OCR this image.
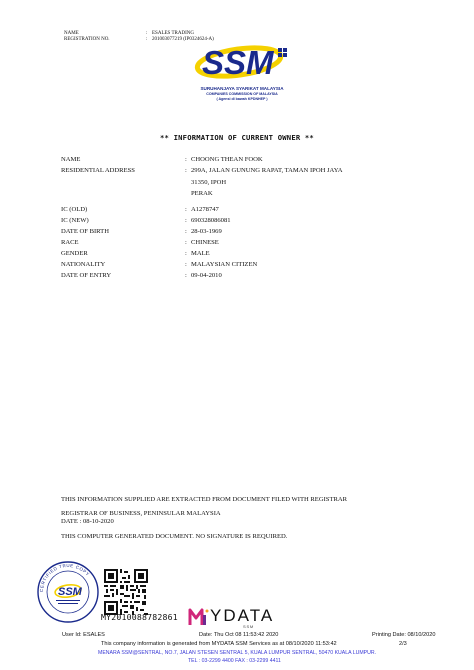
NAME	: ESALES TRADING
REGISTRATION NO.	: 201003077219 (IP0324624-A)
SSM
SURUHANJAYA SYARIKAT MALAYSIA
COMPANIES COMMISSION OF MALAYSIA
( Agensi di bawah KPDNHEP )
** INFORMATION OF CURRENT OWNER **
NAME	: CHOONG THEAN FOOK
RESIDENTIAL ADDRESS	: 299A, JALAN GUNUNG RAPAT, TAMAN IPOH JAYA
31350, IPOH
PERAK
IC (OLD)	: A1278747
IC (NEW)	: 690328086081
DATE OF BIRTH	: 28-03-1969
RACE	: CHINESE
GENDER	: MALE
NATIONALITY	: MALAYSIAN CITIZEN
DATE OF ENTRY	: 09-04-2010
THIS INFORMATION SUPPLIED ARE EXTRACTED FROM DOCUMENT FILED WITH REGISTRAR
REGISTRAR OF BUSINESS, PENINSULAR MALAYSIA
DATE : 08-10-2020
THIS COMPUTER GENERATED DOCUMENT. NO SIGNATURE IS REQUIRED.
CERTIFIED TRUE COPY
SSM
MY2010088782861 YDATA
SSM
User Id: ESALES	Date: Thu Oct 08 11:53:42 2020	Printing Date: 08/10/2020
This company information is generated from MYDATA SSM Services as at 08/10/2020 11:53:42	2/3
MENARA SSM@SENTRAL, NO.7, JALAN STESEN SENTRAL 5, KUALA LUMPUR SENTRAL, 50470 KUALA LUMPUR.
TEL : 03-2299 4400 FAX : 03-2299 4411
